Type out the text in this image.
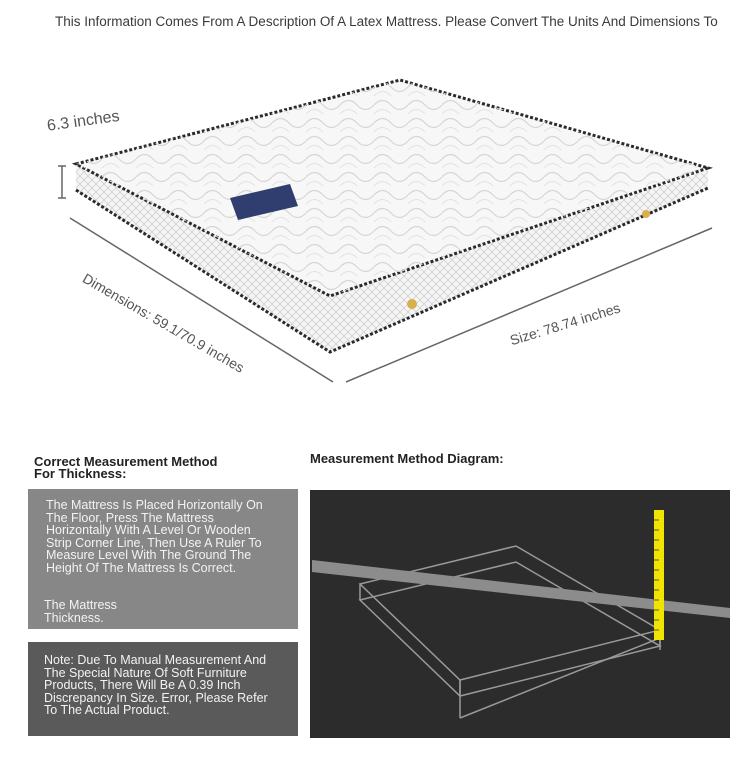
This Information Comes From A Description Of A Latex Mattress. Please Convert The Units And Dimensions To
6.3 inches
Dimensions: 59.1/70.9 inches	Size: 78.74 inches
Correct Measurement Method For Thickness:
Measurement Method Diagram:

The Mattress Is Placed Horizontally On The Floor, Press The Mattress Horizontally With A Level Or Wooden Strip Corner Line, Then Use A Ruler To Measure Level With The Ground The Height Of The Mattress Is Correct.

The Mattress Thickness.

Note: Due To Manual Measurement And The Special Nature Of Soft Furniture Products, There Will Be A 0.39 Inch Discrepancy In Size. Error, Please Refer To The Actual Product.
